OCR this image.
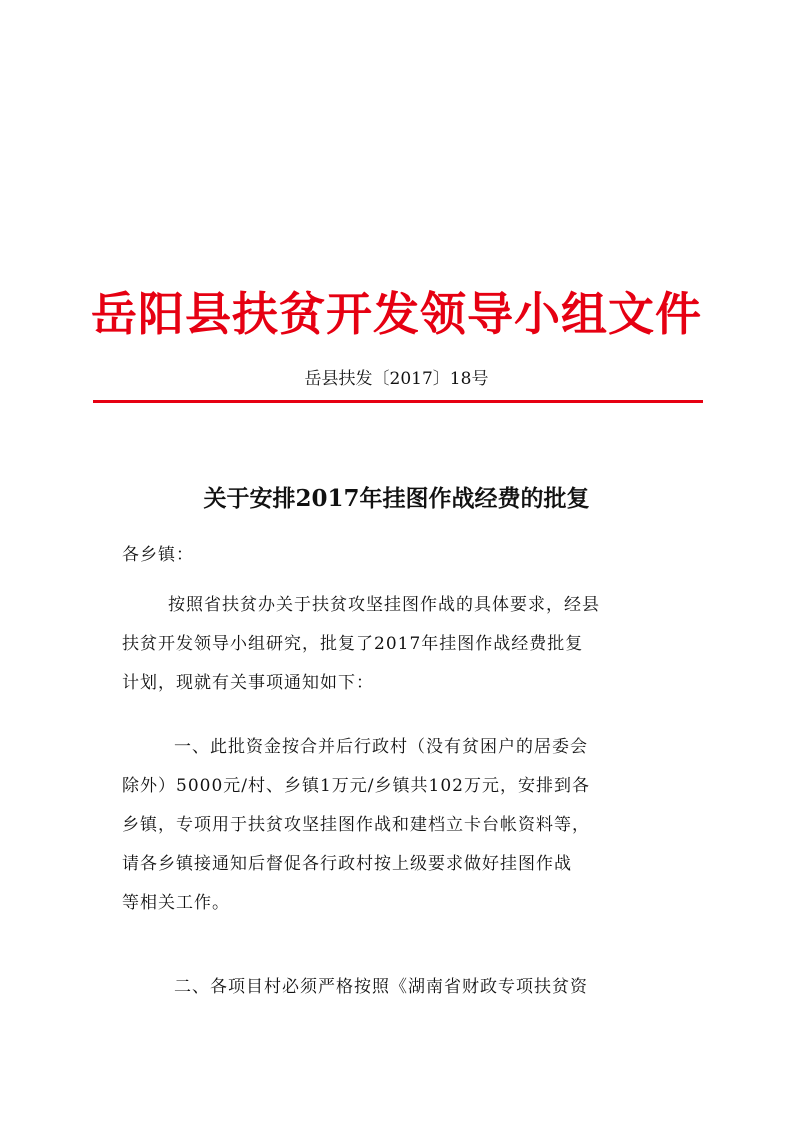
岳阳县扶贫开发领导小组文件
岳县扶发〔2017〕18号
关于安排2017年挂图作战经费的批复
各乡镇：
按照省扶贫办关于扶贫攻坚挂图作战的具体要求，经县
扶贫开发领导小组研究，批复了2017年挂图作战经费批复
计划，现就有关事项通知如下：
一、此批资金按合并后行政村（没有贫困户的居委会
除外）5000元/村、乡镇1万元/乡镇共102万元，安排到各
乡镇，专项用于扶贫攻坚挂图作战和建档立卡台帐资料等，
请各乡镇接通知后督促各行政村按上级要求做好挂图作战
等相关工作。
二、各项目村必须严格按照《湖南省财政专项扶贫资
